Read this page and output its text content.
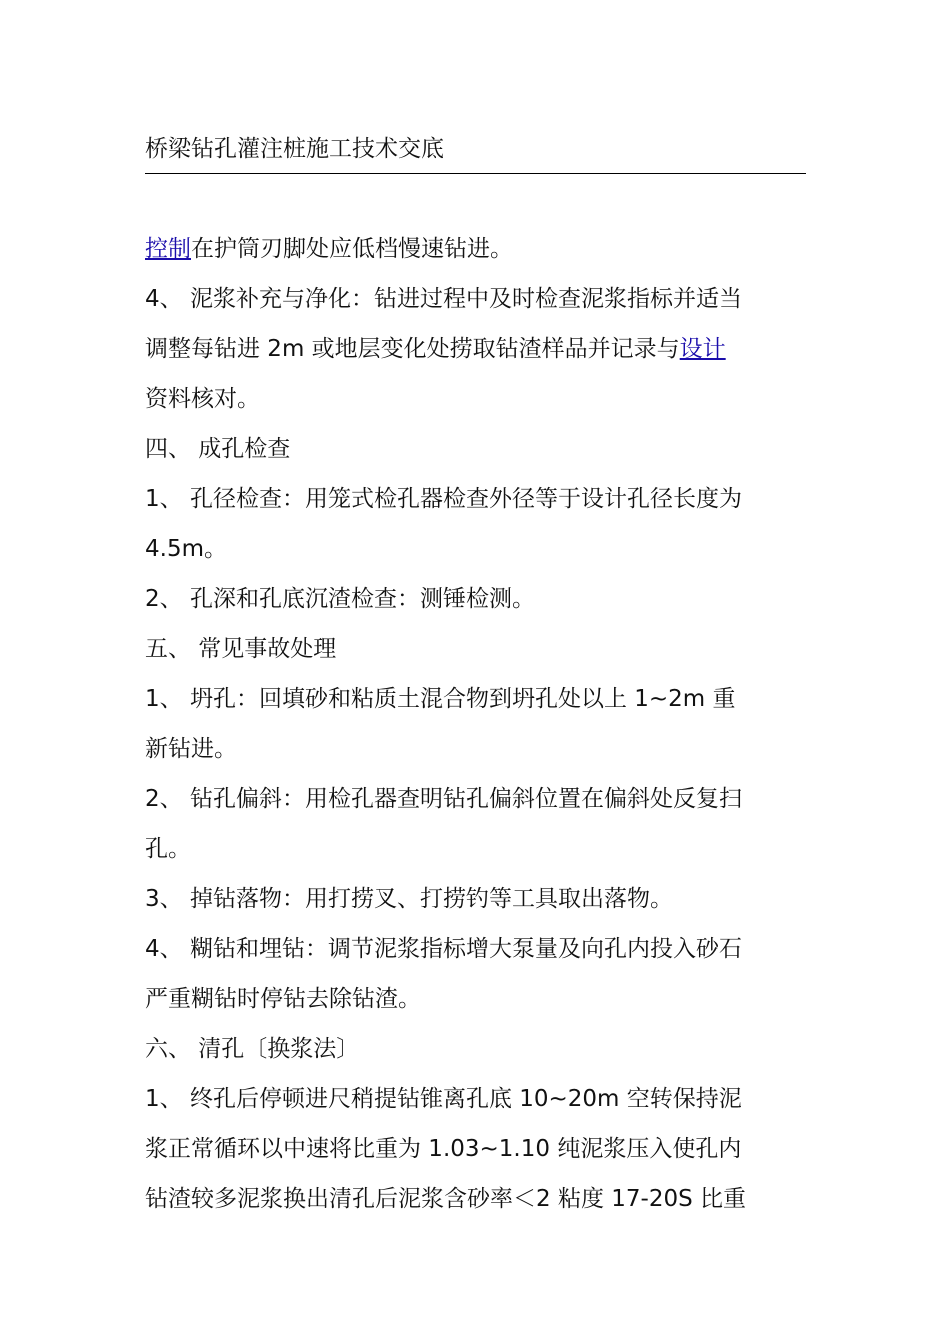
桥梁钻孔灌注桩施工技术交底

控制在护筒刃脚处应低档慢速钻进。

4、 泥浆补充与净化：钻进过程中及时检查泥浆指标并适当

调整每钻进 2m 或地层变化处捞取钻渣样品并记录与设计

资料核对。

四、 成孔检查

1、 孔径检查：用笼式检孔器检查外径等于设计孔径长度为

4.5m。

2、 孔深和孔底沉渣检查：测锤检测。

五、 常见事故处理

1、 坍孔：回填砂和粘质土混合物到坍孔处以上 1~2m 重

新钻进。

2、 钻孔偏斜：用检孔器查明钻孔偏斜位置在偏斜处反复扫

孔。

3、 掉钻落物：用打捞叉、打捞钓等工具取出落物。

4、 糊钻和埋钻：调节泥浆指标增大泵量及向孔内投入砂石

严重糊钻时停钻去除钻渣。

六、 清孔〔换浆法〕

1、 终孔后停顿进尺稍提钻锥离孔底 10~20m 空转保持泥

浆正常循环以中速将比重为 1.03~1.10 纯泥浆压入使孔内

钻渣较多泥浆换出清孔后泥浆含砂率＜2 粘度 17-20S 比重
